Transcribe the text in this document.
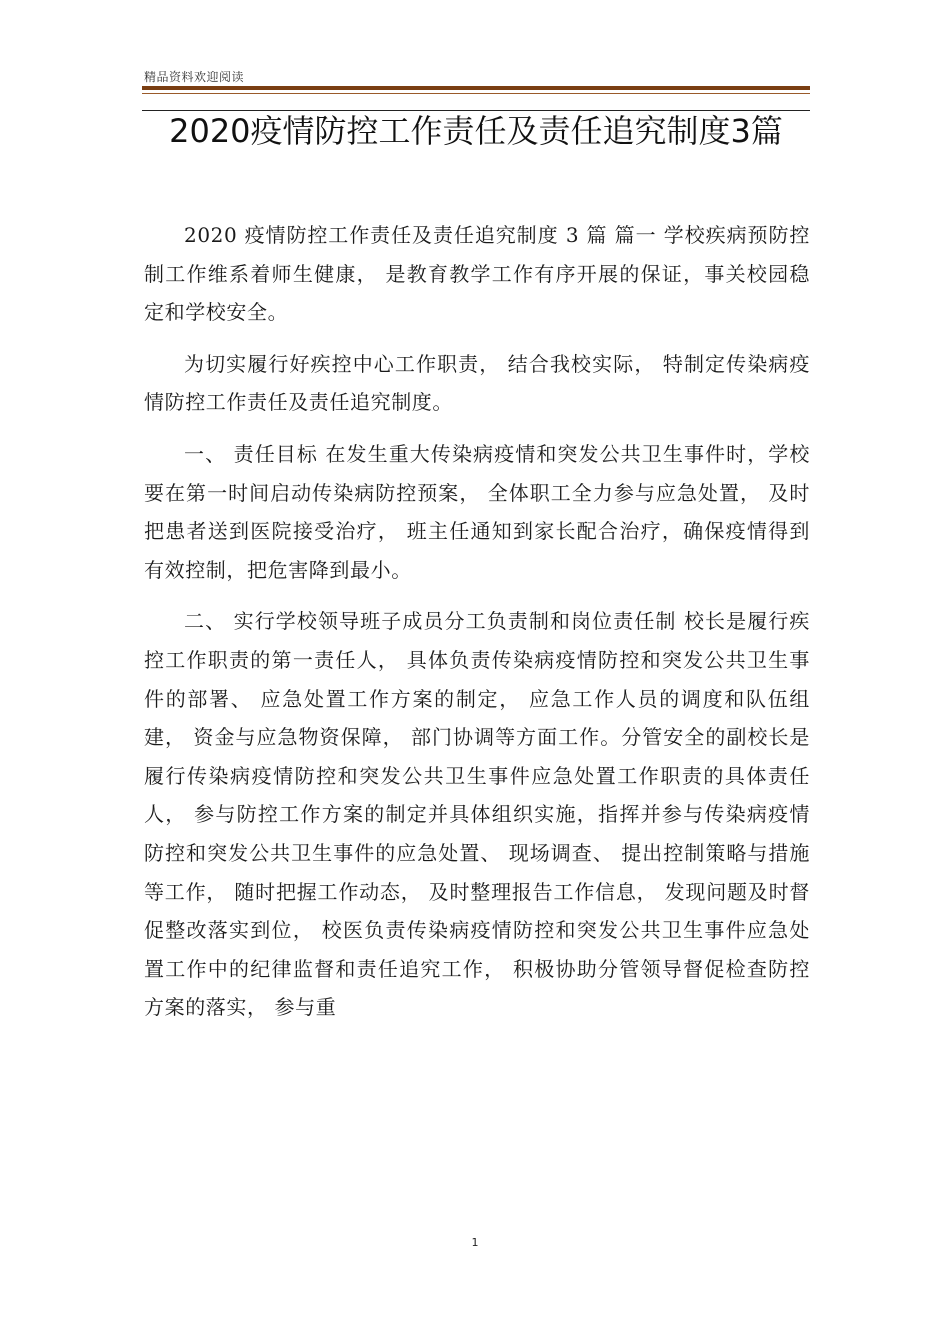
精品资料欢迎阅读
2020疫情防控工作责任及责任追究制度3篇

2020 疫情防控工作责任及责任追究制度 3 篇 篇一 学校疾病预防控制工作维系着师生健康， 是教育教学工作有序开展的保证，事关校园稳定和学校安全。

为切实履行好疾控中心工作职责， 结合我校实际， 特制定传染病疫情防控工作责任及责任追究制度。

一、 责任目标 在发生重大传染病疫情和突发公共卫生事件时，学校要在第一时间启动传染病防控预案， 全体职工全力参与应急处置， 及时把患者送到医院接受治疗， 班主任通知到家长配合治疗，确保疫情得到有效控制，把危害降到最小。

二、 实行学校领导班子成员分工负责制和岗位责任制 校长是履行疾控工作职责的第一责任人， 具体负责传染病疫情防控和突发公共卫生事件的部署、 应急处置工作方案的制定， 应急工作人员的调度和队伍组建， 资金与应急物资保障， 部门协调等方面工作。分管安全的副校长是履行传染病疫情防控和突发公共卫生事件应急处置工作职责的具体责任人， 参与防控工作方案的制定并具体组织实施，指挥并参与传染病疫情防控和突发公共卫生事件的应急处置、 现场调查、 提出控制策略与措施等工作， 随时把握工作动态， 及时整理报告工作信息， 发现问题及时督 促整改落实到位， 校医负责传染病疫情防控和突发公共卫生事件应急处置工作中的纪律监督和责任追究工作， 积极协助分管领导督促检查防控方案的落实， 参与重

1
